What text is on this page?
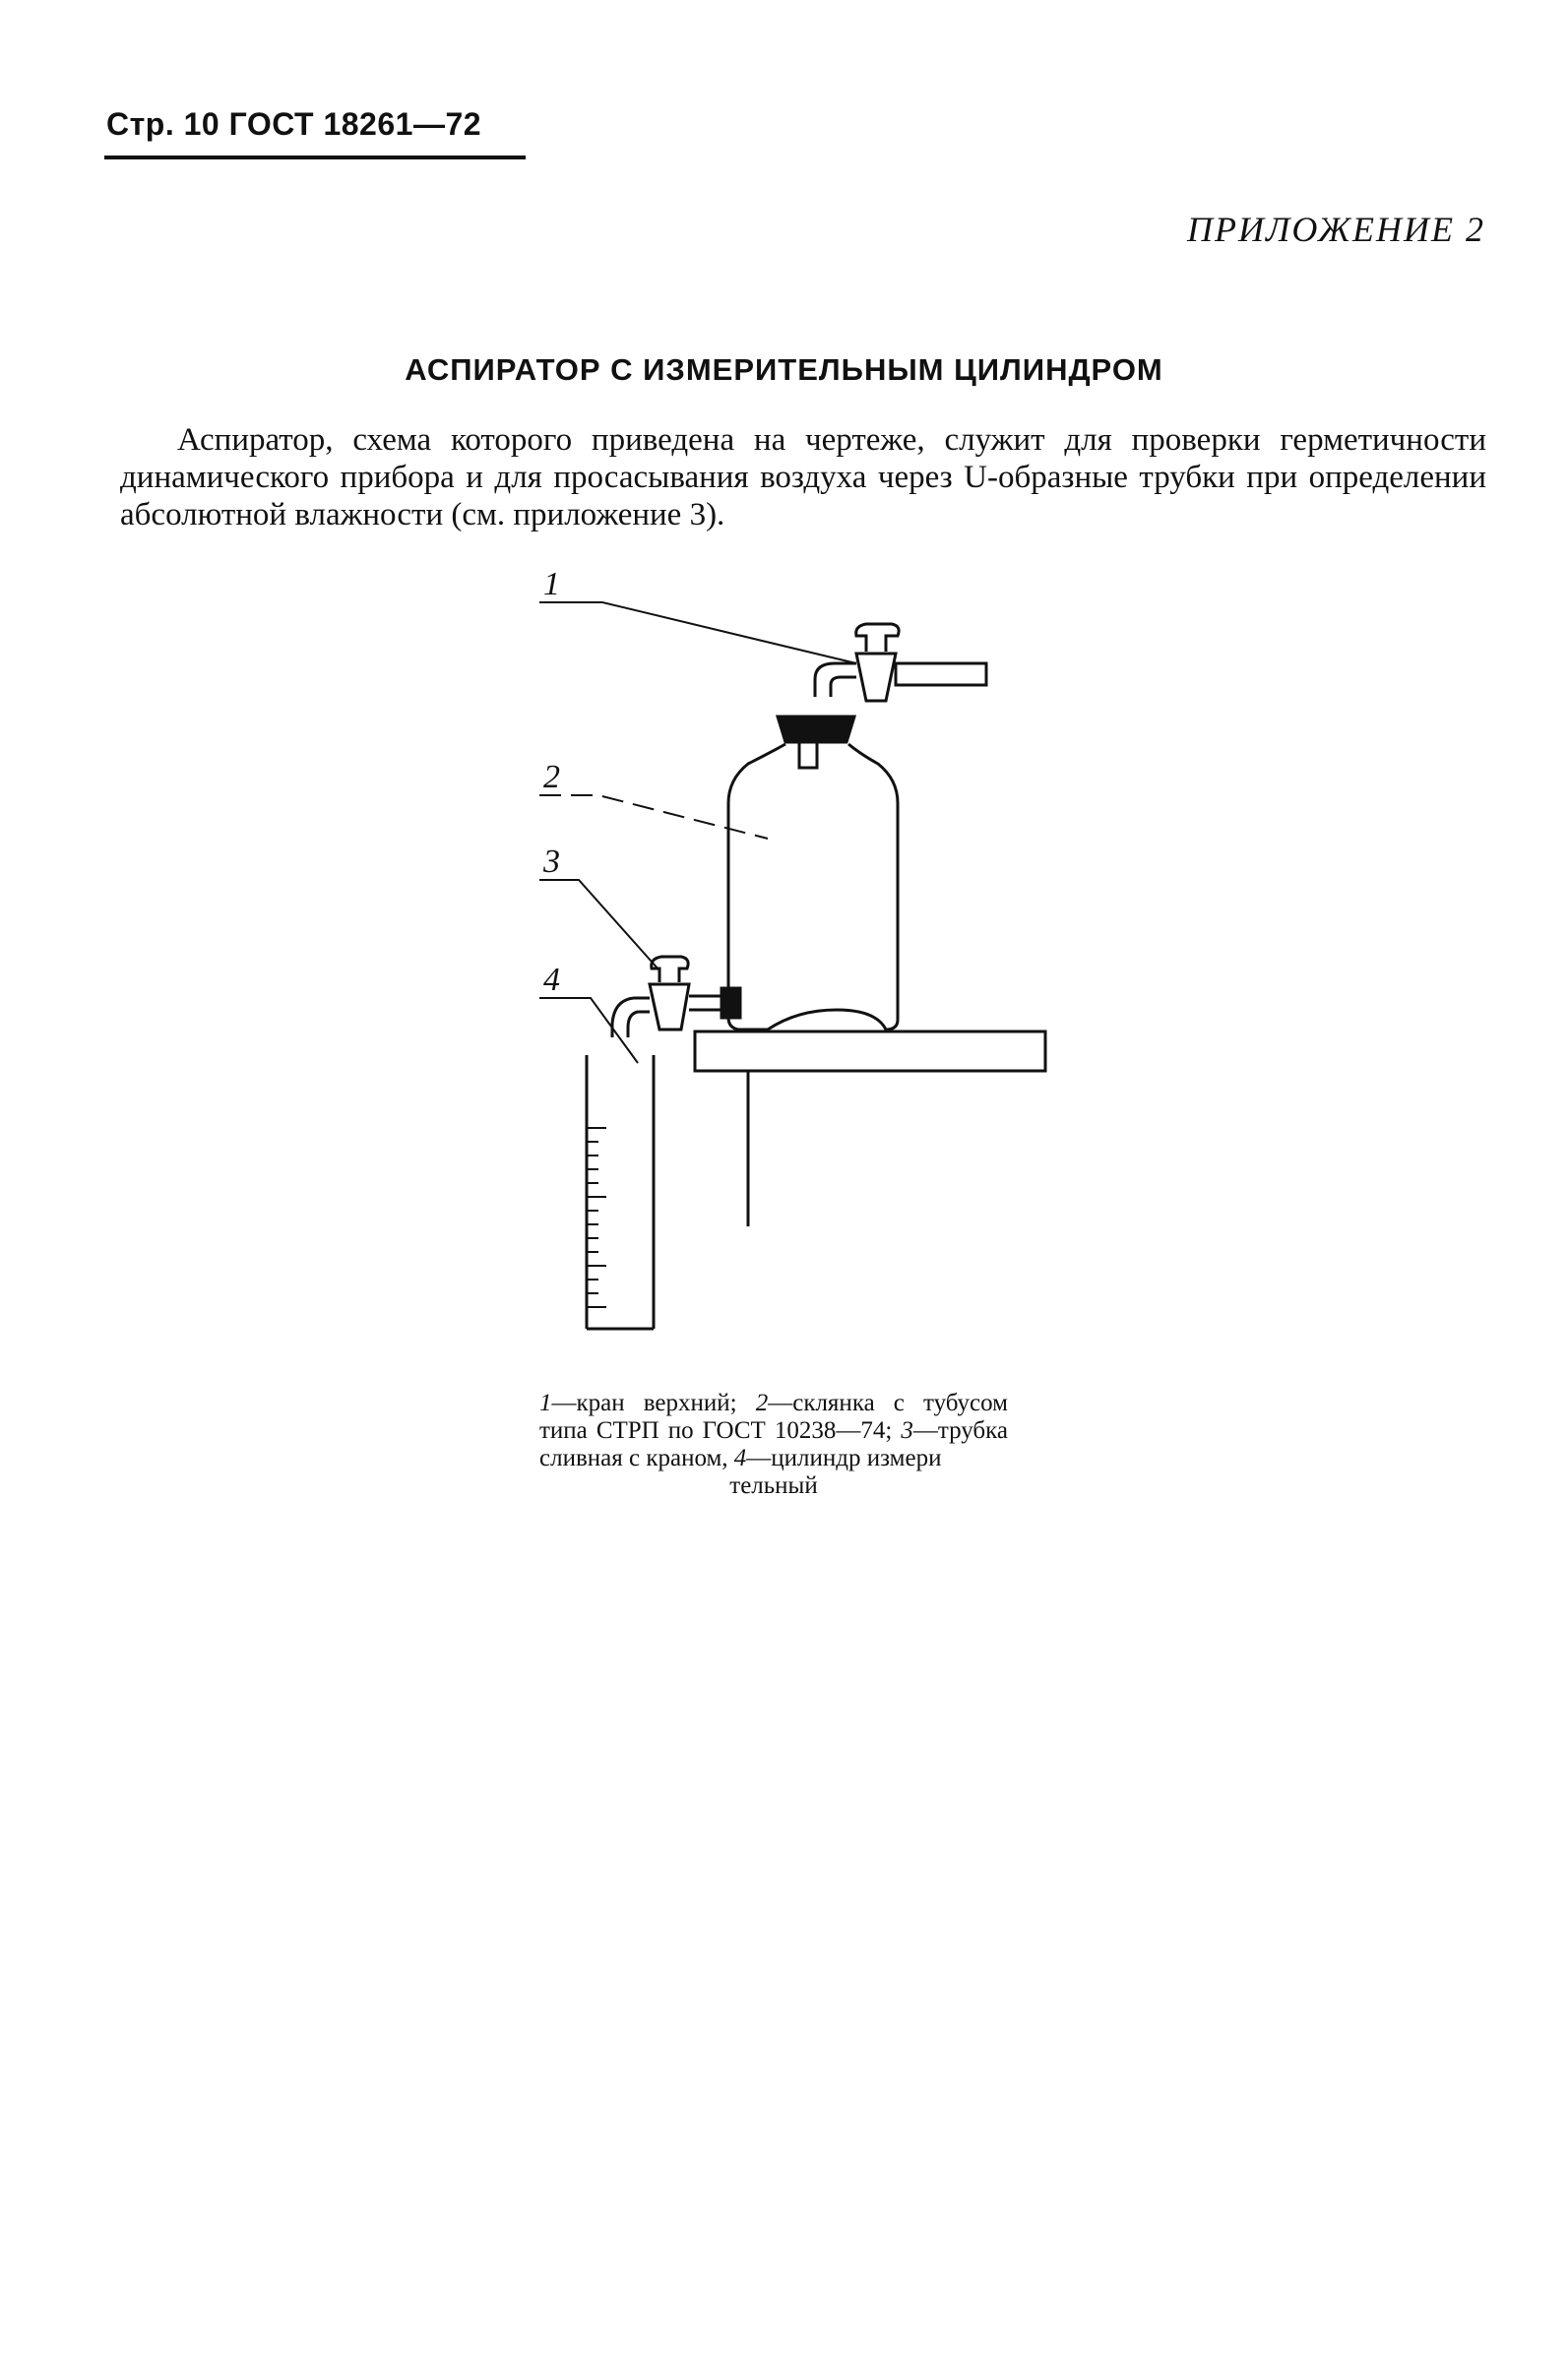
Стр. 10 ГОСТ 18261—72
ПРИЛОЖЕНИЕ 2
АСПИРАТОР С ИЗМЕРИТЕЛЬНЫМ ЦИЛИНДРОМ

Аспиратор, схема которого приведена на чертеже, служит для проверки герметичности динамического прибора и для просасывания воздуха через U-образные трубки при определении абсолютной влажности (см. приложение 3).

1
2
3
4
1—кран верхний; 2—склянка с тубусом типа СТРП по ГОСТ 10238—74; 3—трубка сливная с краном, 4—цилиндр измери
тельный
